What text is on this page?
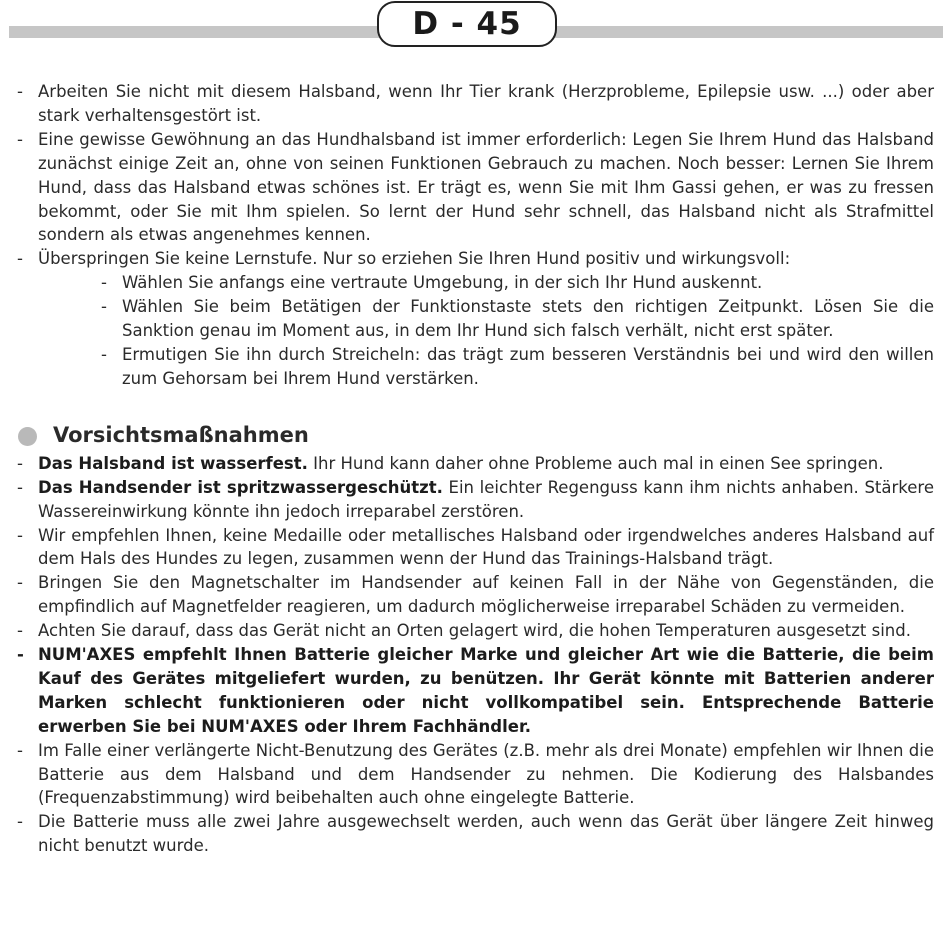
D - 45
- Arbeiten Sie nicht mit diesem Halsband, wenn Ihr Tier krank (Herzprobleme, Epilepsie usw. ...) oder aber stark verhaltensgestört ist.
- Eine gewisse Gewöhnung an das Hundhalsband ist immer erforderlich: Legen Sie Ihrem Hund das Halsband zunächst einige Zeit an, ohne von seinen Funktionen Gebrauch zu machen. Noch besser: Lernen Sie Ihrem Hund, dass das Halsband etwas schönes ist. Er trägt es, wenn Sie mit Ihm Gassi gehen, er was zu fressen bekommt, oder Sie mit Ihm spielen. So lernt der Hund sehr schnell, das Halsband nicht als Strafmittel sondern als etwas angenehmes kennen.
- Überspringen Sie keine Lernstufe. Nur so erziehen Sie Ihren Hund positiv und wirkungsvoll:
- Wählen Sie anfangs eine vertraute Umgebung, in der sich Ihr Hund auskennt.
- Wählen Sie beim Betätigen der Funktionstaste stets den richtigen Zeitpunkt. Lösen Sie die Sanktion genau im Moment aus, in dem Ihr Hund sich falsch verhält, nicht erst später.
- Ermutigen Sie ihn durch Streicheln: das trägt zum besseren Verständnis bei und wird den willen zum Gehorsam bei Ihrem Hund verstärken.
Vorsichtsmaßnahmen
- Das Halsband ist wasserfest. Ihr Hund kann daher ohne Probleme auch mal in einen See springen.
- Das Handsender ist spritzwassergeschützt. Ein leichter Regenguss kann ihm nichts anhaben. Stärkere Wassereinwirkung könnte ihn jedoch irreparabel zerstören.
- Wir empfehlen Ihnen, keine Medaille oder metallisches Halsband oder irgendwelches anderes Halsband auf dem Hals des Hundes zu legen, zusammen wenn der Hund das Trainings-Halsband trägt.
- Bringen Sie den Magnetschalter im Handsender auf keinen Fall in der Nähe von Gegenständen, die empfindlich auf Magnetfelder reagieren, um dadurch möglicherweise irreparabel Schäden zu vermeiden.
- Achten Sie darauf, dass das Gerät nicht an Orten gelagert wird, die hohen Temperaturen ausgesetzt sind.
- NUM'AXES empfehlt Ihnen Batterie gleicher Marke und gleicher Art wie die Batterie, die beim Kauf des Gerätes mitgeliefert wurden, zu benützen. Ihr Gerät könnte mit Batterien anderer Marken schlecht funktionieren oder nicht vollkompatibel sein. Entsprechende Batterie erwerben Sie bei NUM'AXES oder Ihrem Fachhändler.
- Im Falle einer verlängerte Nicht-Benutzung des Gerätes (z.B. mehr als drei Monate) empfehlen wir Ihnen die Batterie aus dem Halsband und dem Handsender zu nehmen. Die Kodierung des Halsbandes (Frequenzabstimmung) wird beibehalten auch ohne eingelegte Batterie.
- Die Batterie muss alle zwei Jahre ausgewechselt werden, auch wenn das Gerät über längere Zeit hinweg nicht benutzt wurde.
